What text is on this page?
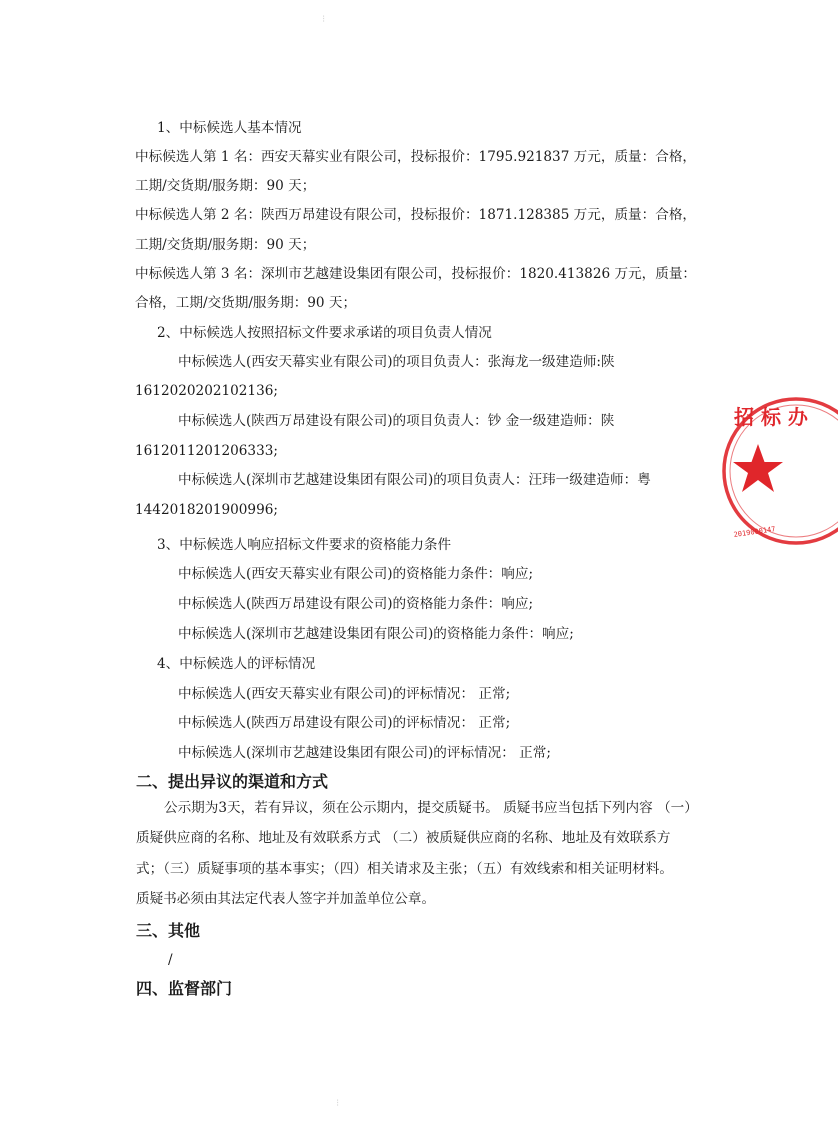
⁝
⁝
1、中标候选人基本情况
中标候选人第 1 名：西安天幕实业有限公司，投标报价：1795.921837 万元，质量：合格，
工期/交货期/服务期：90 天；
中标候选人第 2 名：陕西万昂建设有限公司，投标报价：1871.128385 万元，质量：合格，
工期/交货期/服务期：90 天；
中标候选人第 3 名：深圳市艺越建设集团有限公司，投标报价：1820.413826 万元，质量：
合格，工期/交货期/服务期：90 天；
2、中标候选人按照招标文件要求承诺的项目负责人情况
中标候选人(西安天幕实业有限公司)的项目负责人：张海龙一级建造师:陕
1612020202102136;
中标候选人(陕西万昂建设有限公司)的项目负责人：钞 金一级建造师：陕
1612011201206333;
中标候选人(深圳市艺越建设集团有限公司)的项目负责人：汪玮一级建造师：粤
1442018201900996;
3、中标候选人响应招标文件要求的资格能力条件
中标候选人(西安天幕实业有限公司)的资格能力条件：响应;
中标候选人(陕西万昂建设有限公司)的资格能力条件：响应;
中标候选人(深圳市艺越建设集团有限公司)的资格能力条件：响应;
4、中标候选人的评标情况
中标候选人(西安天幕实业有限公司)的评标情况： 正常;
中标候选人(陕西万昂建设有限公司)的评标情况： 正常;
中标候选人(深圳市艺越建设集团有限公司)的评标情况： 正常;
二、提出异议的渠道和方式
公示期为3天，若有异议，须在公示期内，提交质疑书。 质疑书应当包括下列内容 （一）
质疑供应商的名称、地址及有效联系方式 （二）被质疑供应商的名称、地址及有效联系方
式；（三）质疑事项的基本事实；（四）相关请求及主张；（五）有效线索和相关证明材料。
质疑书必须由其法定代表人签字并加盖单位公章。
三、其他
/
四、监督部门
招 标 办
2019000147
